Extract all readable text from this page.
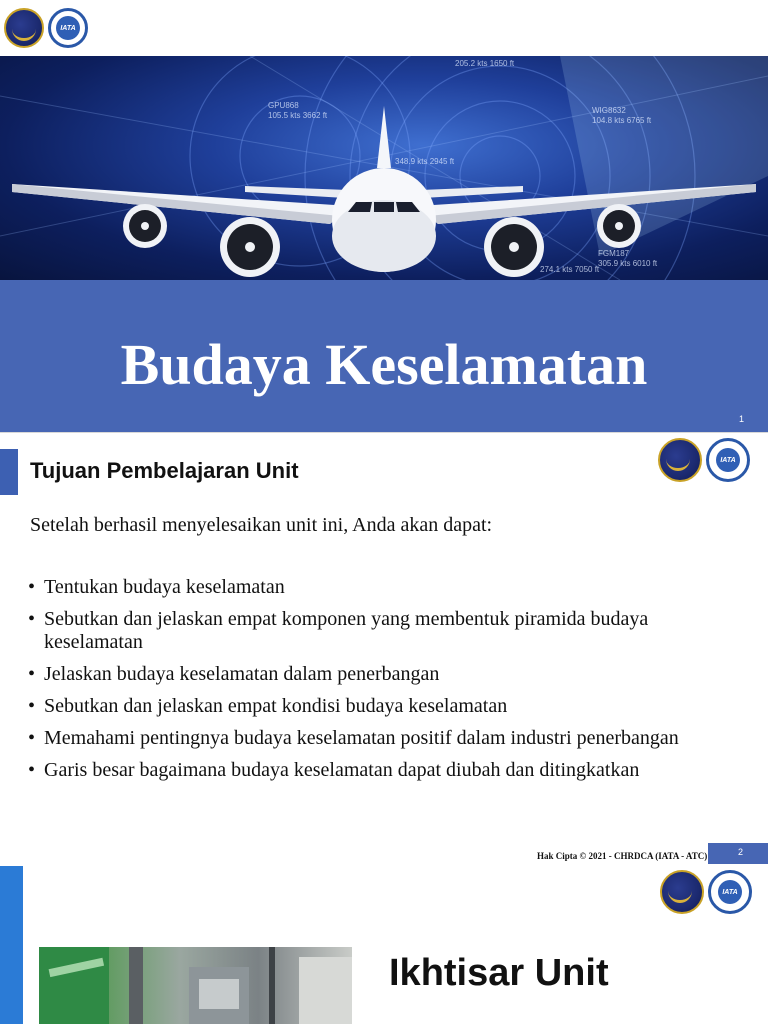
IATA
205.2 kts 1650 ft
GPU868
105.5 kts 3662 ft
WIG8632
104.8 kts 6765 ft
348.9 kts 2945 ft
FGM187
305.9 kts 6010 ft
274.1 kts 7050 ft
Budaya Keselamatan
1
Tujuan Pembelajaran Unit	IATA
Setelah berhasil menyelesaikan unit ini, Anda akan dapat:
• Tentukan budaya keselamatan
• Sebutkan dan jelaskan empat komponen yang membentuk piramida budaya keselamatan
• Jelaskan budaya keselamatan dalam penerbangan
• Sebutkan dan jelaskan empat kondisi budaya keselamatan
• Memahami pentingnya budaya keselamatan positif dalam industri penerbangan
• Garis besar bagaimana budaya keselamatan dapat diubah dan ditingkatkan
Hak Cipta © 2021 - CHRDCA (IATA - ATC)	2
IATA
Ikhtisar Unit
